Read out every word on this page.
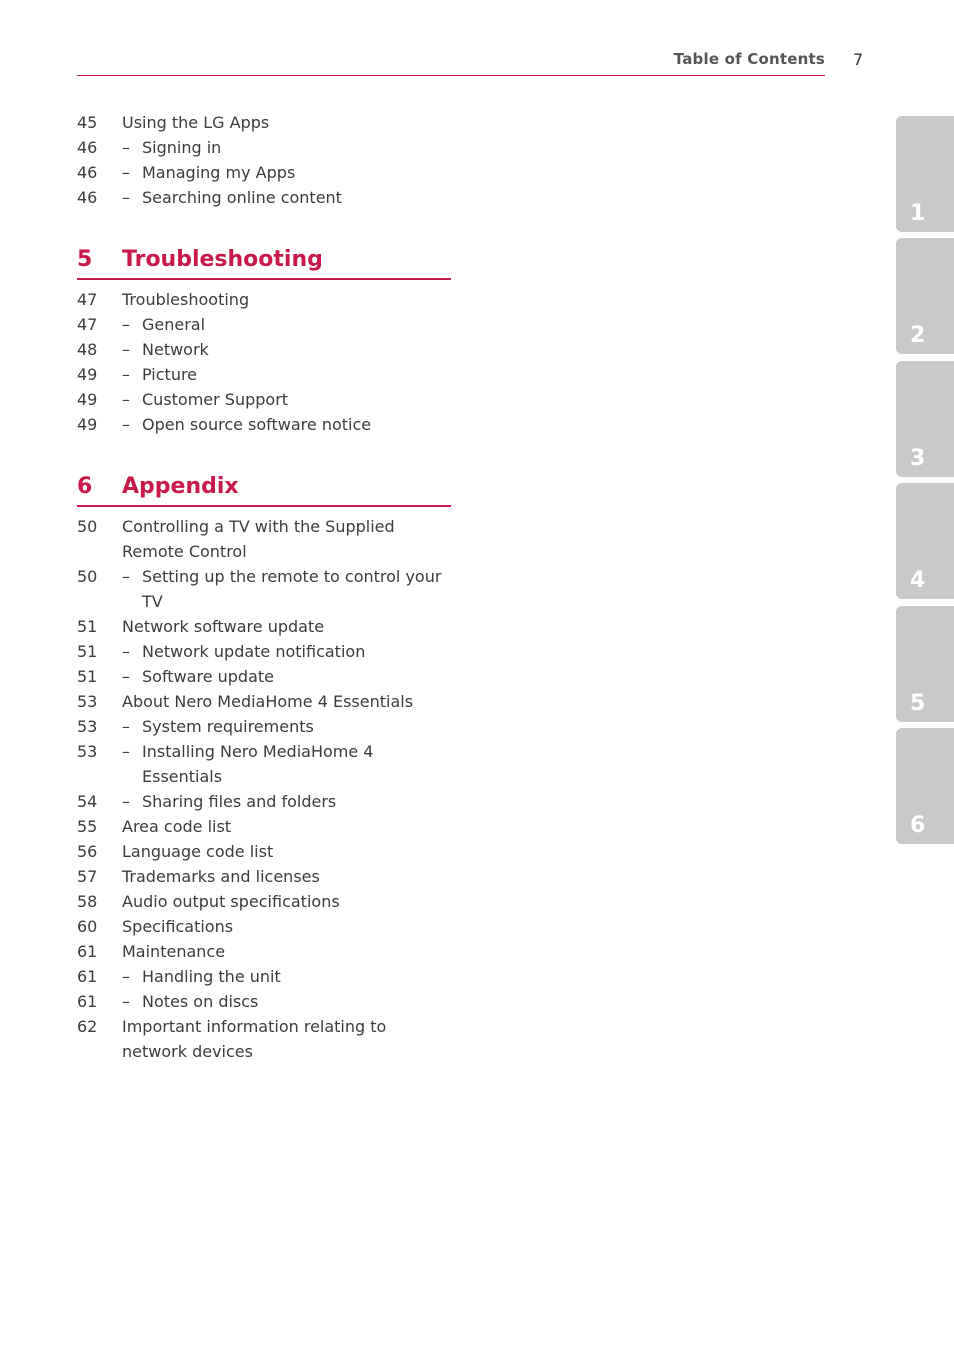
Table of Contents 7
45	Using the LG Apps
46	– Signing in
46	– Managing my Apps
46	– Searching online content
5 Troubleshooting
47	Troubleshooting
47	– General
48	– Network
49	– Picture
49	– Customer Support
49	– Open source software notice
6 Appendix
50	Controlling a TV with the Supplied Remote Control
50	– Setting up the remote to control your TV
51	Network software update
51	– Network update notification
51	– Software update
53	About Nero MediaHome 4 Essentials
53	– System requirements
53	– Installing Nero MediaHome 4 Essentials
54	– Sharing files and folders
55	Area code list
56	Language code list
57	Trademarks and licenses
58	Audio output specifications
60	Specifications
61	Maintenance
61	– Handling the unit
61	– Notes on discs
62	Important information relating to network devices
1
2
3
4
5
6
